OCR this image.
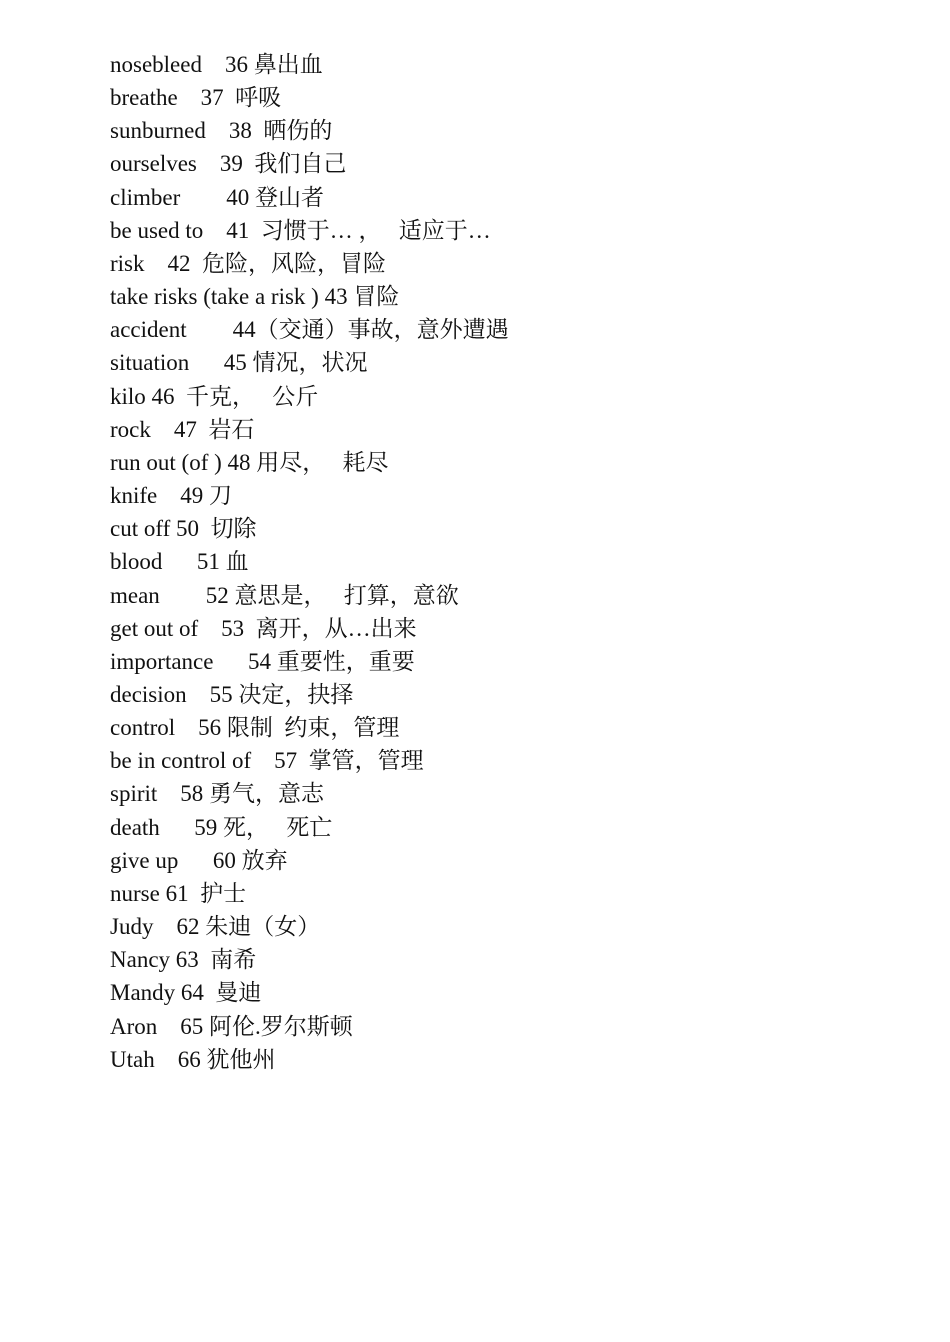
nosebleed    36 鼻出血
breathe    37  呼吸
sunburned    38  晒伤的
ourselves    39  我们自己
climber        40 登山者
be used to    41  习惯于… ，   适应于…
risk    42  危险，风险，冒险
take risks (take a risk ) 43 冒险
accident        44（交通）事故，意外遭遇
situation      45 情况，状况
kilo 46  千克，   公斤
rock    47  岩石
run out (of ) 48 用尽，   耗尽
knife    49 刀
cut off 50  切除
blood      51 血
mean        52 意思是，   打算，意欲
get out of    53  离开，从…出来
importance      54 重要性，重要
decision    55 决定，抉择
control    56 限制  约束，管理
be in control of    57  掌管，管理
spirit    58 勇气，意志
death      59 死，   死亡
give up      60 放弃
nurse 61  护士
Judy    62 朱迪（女）
Nancy 63  南希
Mandy 64  曼迪
Aron    65 阿伦.罗尔斯顿
Utah    66 犹他州
